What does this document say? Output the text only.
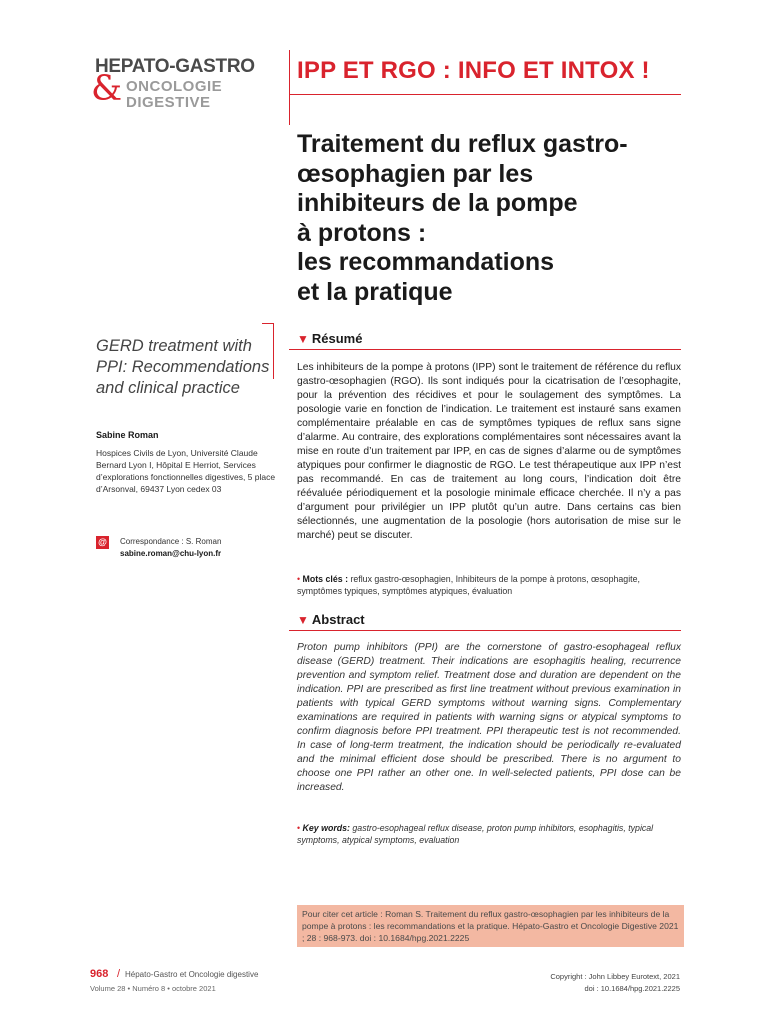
HEPATO-GASTRO
& ONCOLOGIE
DIGESTIVE
IPP ET RGO : INFO ET INTOX !
Traitement du reflux gastro-
œsophagien par les
inhibiteurs de la pompe
à protons :
les recommandations
et la pratique
GERD treatment with
PPI: Recommendations
and clinical practice
Sabine Roman
Hospices Civils de Lyon, Université Claude Bernard Lyon I, Hôpital E Herriot, Services d’explorations fonctionnelles digestives, 5 place d’Arsonval, 69437 Lyon cedex 03
@ Correspondance : S. Roman
sabine.roman@chu-lyon.fr
▼ Résumé
Les inhibiteurs de la pompe à protons (IPP) sont le traitement de référence du reflux gastro-œsophagien (RGO). Ils sont indiqués pour la cicatrisation de l’œsophagite, pour la prévention des récidives et pour le soulagement des symptômes. La posologie varie en fonction de l’indication. Le traitement est instauré sans examen complémentaire préalable en cas de symptômes typiques de reflux sans signe d’alarme. Au contraire, des explorations complémentaires sont nécessaires avant la mise en route d’un traitement par IPP, en cas de signes d’alarme ou de symptômes atypiques pour confirmer le diagnostic de RGO. Le test thérapeutique aux IPP n’est pas recommandé. En cas de traitement au long cours, l’indication doit être réévaluée périodiquement et la posologie minimale efficace cherchée. Il n’y a pas d’argument pour privilégier un IPP plutôt qu’un autre. Dans certains cas bien sélectionnés, une augmentation de la posologie (hors autorisation de mise sur le marché) peut se discuter.
• Mots clés : reflux gastro-œsophagien, Inhibiteurs de la pompe à protons, œsophagite, symptômes typiques, symptômes atypiques, évaluation
▼ Abstract
Proton pump inhibitors (PPI) are the cornerstone of gastro-esophageal reflux disease (GERD) treatment. Their indications are esophagitis healing, recurrence prevention and symptom relief. Treatment dose and duration are dependent on the indication. PPI are prescribed as first line treatment without previous examination in patients with typical GERD symptoms without warning signs. Complementary examinations are required in patients with warning signs or atypical symptoms to confirm diagnosis before PPI treatment. PPI therapeutic test is not recommended. In case of long-term treatment, the indication should be periodically re-evaluated and the minimal efficient dose should be prescribed. There is no argument to choose one PPI rather an other one. In well-selected patients, PPI dose can be increased.
• Key words: gastro-esophageal reflux disease, proton pump inhibitors, esophagitis, typical symptoms, atypical symptoms, evaluation
Pour citer cet article : Roman S. Traitement du reflux gastro-œsophagien par les inhibiteurs de la pompe à protons : les recommandations et la pratique. Hépato-Gastro et Oncologie Digestive 2021 ; 28 : 968-973. doi : 10.1684/hpg.2021.2225
968 / Hépato-Gastro et Oncologie digestive
Volume 28 • Numéro 8 • octobre 2021
Copyright : John Libbey Eurotext, 2021
doi : 10.1684/hpg.2021.2225
